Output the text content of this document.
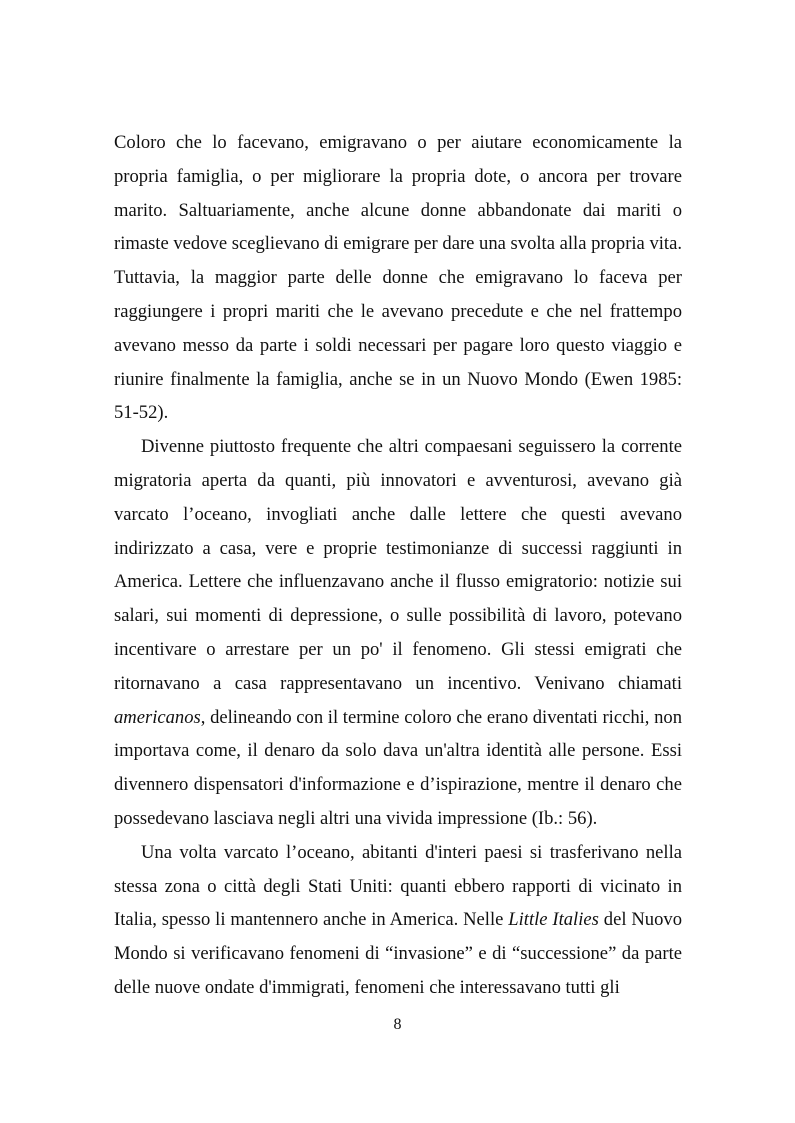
Coloro che lo facevano, emigravano o per aiutare economicamente la propria famiglia, o per migliorare la propria dote, o ancora per trovare marito. Saltuariamente, anche alcune donne abbandonate dai mariti o rimaste vedove sceglievano di emigrare per dare una svolta alla propria vita. Tuttavia, la maggior parte delle donne che emigravano lo faceva per raggiungere i propri mariti che le avevano precedute e che nel frattempo avevano messo da parte i soldi necessari per pagare loro questo viaggio e riunire finalmente la famiglia, anche se in un Nuovo Mondo (Ewen 1985: 51-52).

Divenne piuttosto frequente che altri compaesani seguissero la corrente migratoria aperta da quanti, più innovatori e avventurosi, avevano già varcato l’oceano, invogliati anche dalle lettere che questi avevano indirizzato a casa, vere e proprie testimonianze di successi raggiunti in America. Lettere che influenzavano anche il flusso emigratorio: notizie sui salari, sui momenti di depressione, o sulle possibilità di lavoro, potevano incentivare o arrestare per un po' il fenomeno. Gli stessi emigrati che ritornavano a casa rappresentavano un incentivo. Venivano chiamati americanos, delineando con il termine coloro che erano diventati ricchi, non importava come, il denaro da solo dava un'altra identità alle persone. Essi divennero dispensatori d'informazione e d’ispirazione, mentre il denaro che possedevano lasciava negli altri una vivida impressione (Ib.: 56).

Una volta varcato l’oceano, abitanti d'interi paesi si trasferivano nella stessa zona o città degli Stati Uniti: quanti ebbero rapporti di vicinato in Italia, spesso li mantennero anche in America. Nelle Little Italies del Nuovo Mondo si verificavano fenomeni di “invasione” e di “successione” da parte delle nuove ondate d'immigrati, fenomeni che interessavano tutti gli

8
